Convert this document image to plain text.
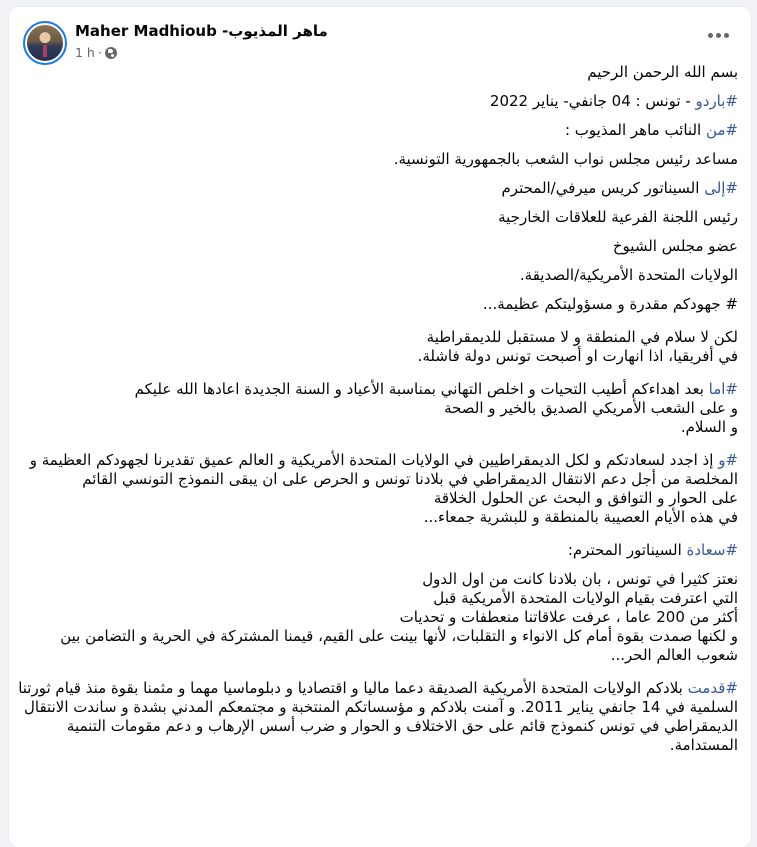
Maher Madhioub -ماهر المذيوب
1 h ·
بسم الله الرحمن الرحيم
#باردو - تونس : 04 جانفي- يناير 2022
#من النائب ماهر المذيوب :
مساعد رئيس مجلس نواب الشعب بالجمهورية التونسية.
#إلى السيناتور كريس ميرفي/المحترم
رئيس اللجنة الفرعية للعلاقات الخارجية
عضو مجلس الشيوخ
الولايات المتحدة الأمريكية/الصديقة.
# جهودكم مقدرة و مسؤوليتكم عظيمة...
لكن لا سلام في المنطقة و لا مستقبل للديمقراطية
في أفريقيا، اذا انهارت او أصبحت تونس دولة فاشلة.
#اما بعد اهداءكم أطيب التحيات و اخلص التهاني بمناسبة الأعياد و السنة الجديدة اعادها الله عليكم
و على الشعب الأمريكي الصديق بالخير و الصحة
و السلام.
#و إذ اجدد لسعادتكم و لكل الديمقراطيين في الولايات المتحدة الأمريكية و العالم عميق تقديرنا لجهودكم العظيمة و المخلصة من أجل دعم الانتقال الديمقراطي في بلادنا تونس و الحرص على ان يبقى النموذج التونسي القائم
على الحوار و التوافق و البحث عن الحلول الخلاقة
في هذه الأيام العصيبة بالمنطقة و للبشرية جمعاء...
#سعادة السيناتور المحترم:
نعتز كثيرا في تونس ، بان بلادنا كانت من اول الدول
التي اعترفت بقيام الولايات المتحدة الأمريكية قبل
أكثر من 200 عاما ، عرفت علاقاتنا منعطفات و تحديات
و لكنها صمدت بقوة أمام كل الانواء و التقلبات، لأنها بينت على القيم، قيمنا المشتركة في الحرية و التضامن بين شعوب العالم الحر...
#قدمت بلادكم الولايات المتحدة الأمريكية الصديقة دعما ماليا و اقتصاديا و دبلوماسيا مهما و مثمنا بقوة منذ قيام ثورتنا السلمية في 14 جانفي يناير 2011. و آمنت بلادكم و مؤسساتكم المنتخبة و مجتمعكم المدني بشدة و ساندت الانتقال الديمقراطي في تونس كنموذج قائم على حق الاختلاف و الحوار و ضرب أسس الإرهاب و دعم مقومات التنمية المستدامة.
